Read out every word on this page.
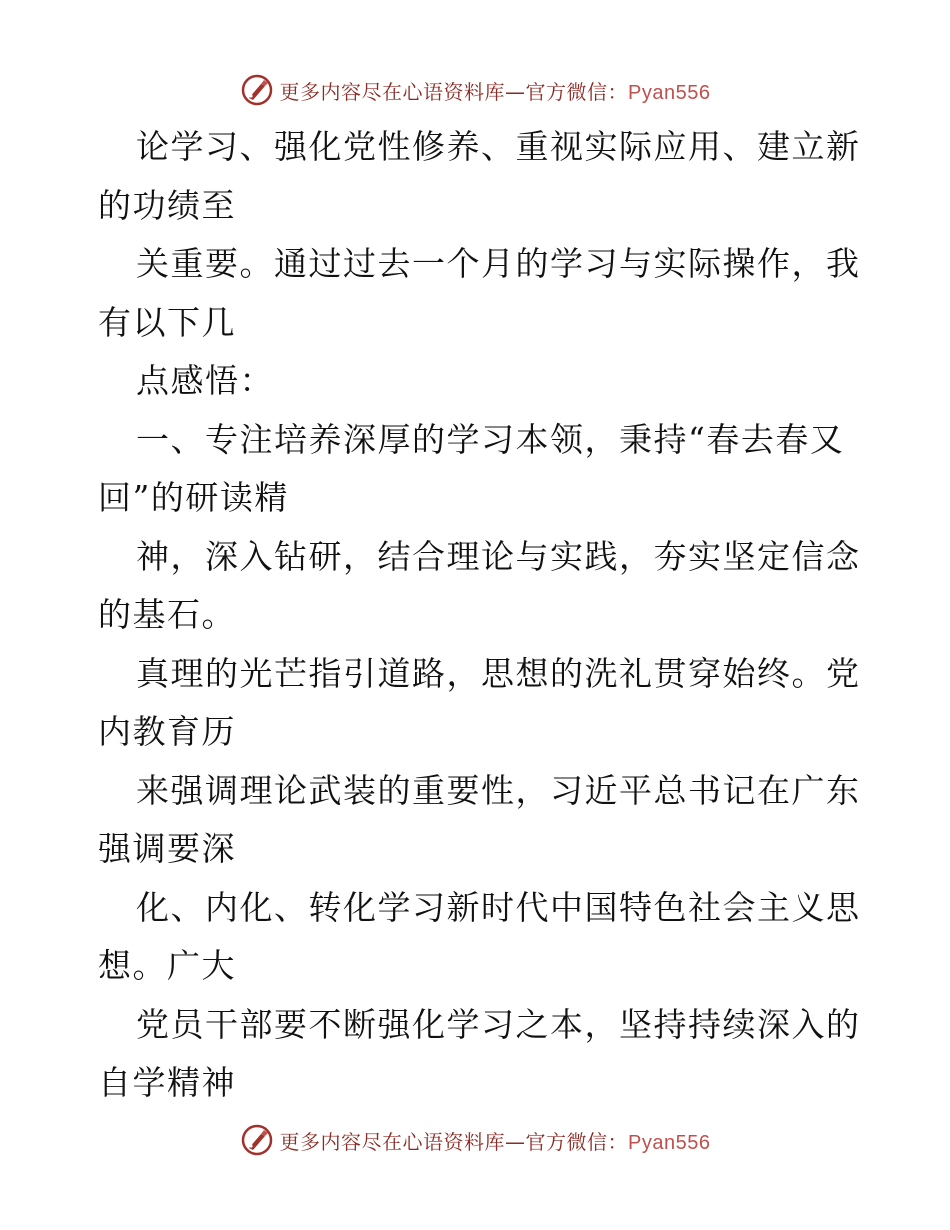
更多内容尽在心语资料库—官方微信：Pyan556
论学习、强化党性修养、重视实际应用、建立新
的功绩至
关重要。通过过去一个月的学习与实际操作，我
有以下几
点感悟：
一、专注培养深厚的学习本领，秉持“春去春又
回”的研读精
神，深入钻研，结合理论与实践，夯实坚定信念
的基石。
真理的光芒指引道路，思想的洗礼贯穿始终。党
内教育历
来强调理论武装的重要性，习近平总书记在广东
强调要深
化、内化、转化学习新时代中国特色社会主义思
想。广大
党员干部要不断强化学习之本，坚持持续深入的
自学精神
更多内容尽在心语资料库—官方微信：Pyan556
